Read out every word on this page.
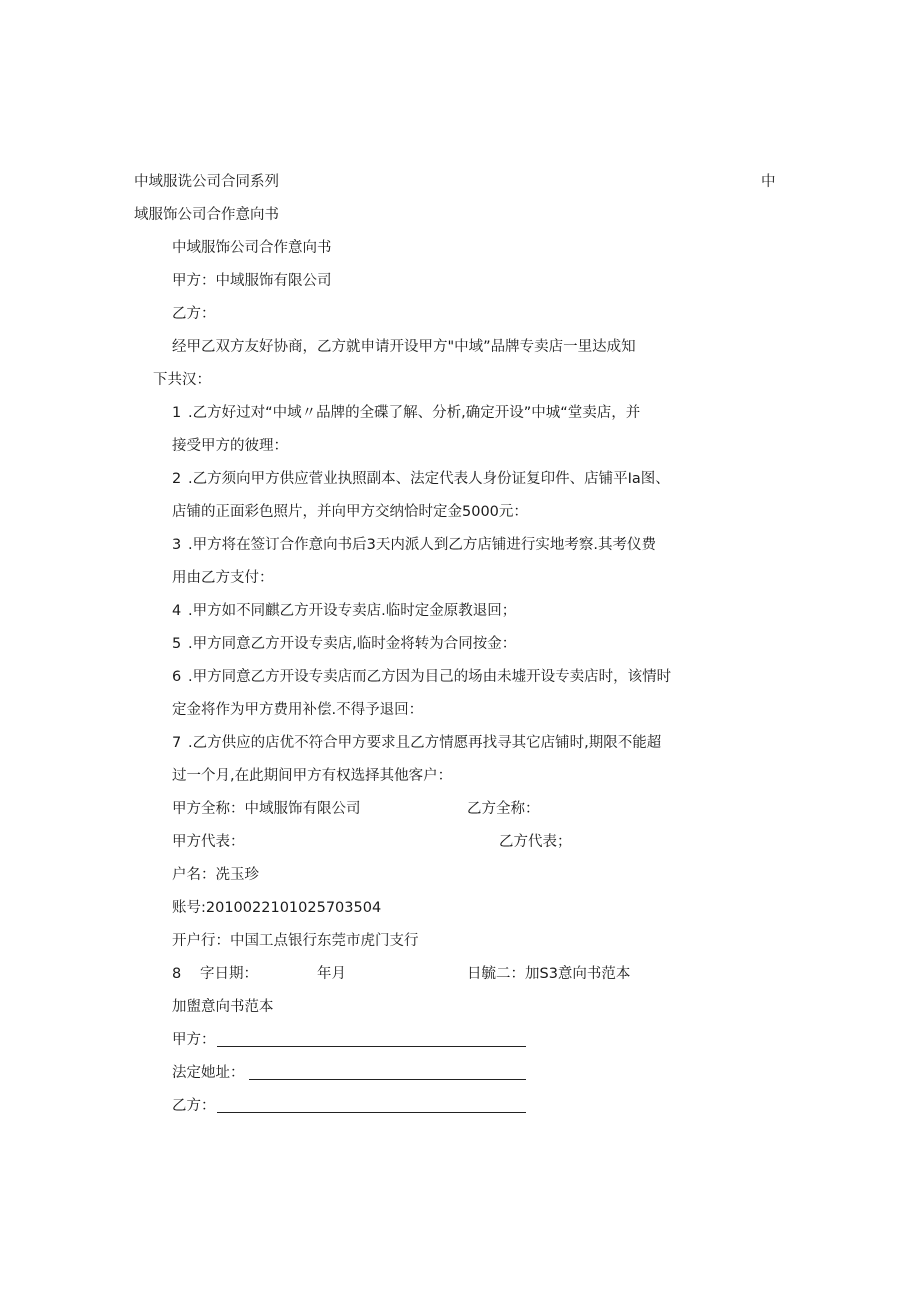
中域服诜公司合同系列	中
域服饰公司合作意向书
中域服饰公司合作意向书
甲方：中域服饰有限公司
乙方：
经甲乙双方友好协商，乙方就申请开设甲方"中域”品牌专卖店一里达成知
下共汉：
1 .乙方好过对“中域〃品牌的全碟了解、分析,确定开设”中城“堂卖店，并
接受甲方的彼理：
2 .乙方须向甲方供应菅业执照副本、法定代表人身份证复印件、店铺平Ia图、
店铺的正面彩色照片，并向甲方交纳恰时定金5000元：
3 .甲方将在签订合作意向书后3天内派人到乙方店铺进行实地考察.其考仪费
用由乙方支付：
4 .甲方如不同麒乙方开设专卖店.临时定金原教退回；
5 .甲方同意乙方开设专卖店,临时金将转为合同按金：
6 .甲方同意乙方开设专卖店而乙方因为目己的场由未墟开设专卖店时，该情时
定金将作为甲方费用补偿.不得予退回：
7 .乙方供应的店优不符合甲方要求且乙方情愿再找寻其它店铺时,期限不能超
过一个月,在此期间甲方有权选择其他客户：
甲方全称：中域服饰有限公司	乙方全称：
甲方代表：	乙方代表；
户名：冼玉珍
账号:2010022101025703504
开户行：中国工点银行东莞市虎门支行
8	字日期：	年月	日毓二：加S3意向书范本
加盥意向书范本
甲方：
法定她址：
乙方：
